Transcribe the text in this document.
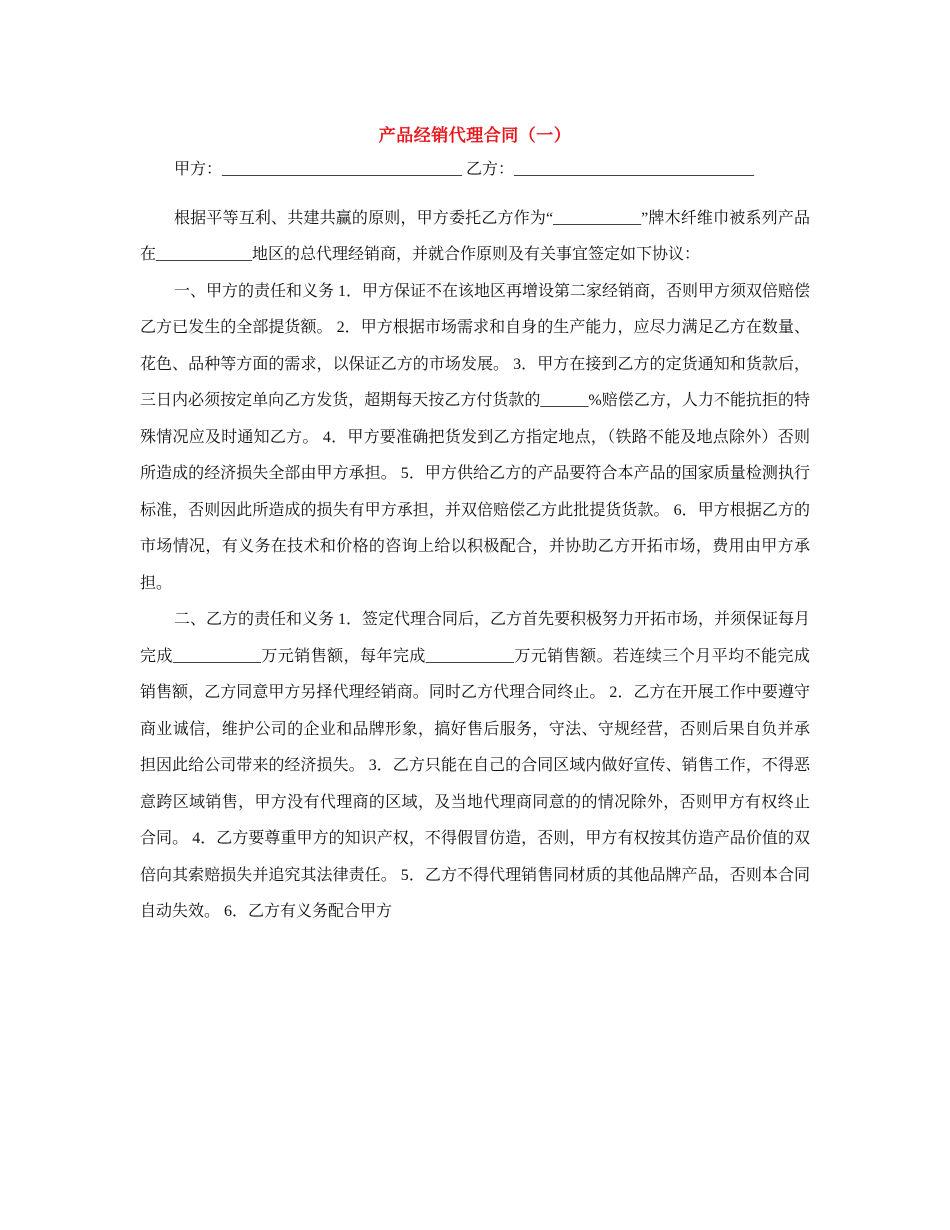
产品经销代理合同（一）

甲方：______________________________ 乙方：______________________________

根据平等互利、共建共赢的原则，甲方委托乙方作为“___________”牌木纤维巾被系列产品在____________地区的总代理经销商，并就合作原则及有关事宜签定如下协议：

一、甲方的责任和义务 1．甲方保证不在该地区再增设第二家经销商，否则甲方须双倍赔偿乙方已发生的全部提货额。 2．甲方根据市场需求和自身的生产能力，应尽力满足乙方在数量、花色、品种等方面的需求，以保证乙方的市场发展。 3．甲方在接到乙方的定货通知和货款后，三日内必须按定单向乙方发货，超期每天按乙方付货款的______%赔偿乙方，人力不能抗拒的特殊情况应及时通知乙方。 4．甲方要准确把货发到乙方指定地点，（铁路不能及地点除外）否则所造成的经济损失全部由甲方承担。 5．甲方供给乙方的产品要符合本产品的国家质量检测执行标准，否则因此所造成的损失有甲方承担，并双倍赔偿乙方此批提货货款。 6．甲方根据乙方的市场情况，有义务在技术和价格的咨询上给以积极配合，并协助乙方开拓市场，费用由甲方承担。

二、乙方的责任和义务 1．签定代理合同后，乙方首先要积极努力开拓市场，并须保证每月完成___________万元销售额，每年完成___________万元销售额。若连续三个月平均不能完成销售额，乙方同意甲方另择代理经销商。同时乙方代理合同终止。 2．乙方在开展工作中要遵守商业诚信，维护公司的企业和品牌形象，搞好售后服务，守法、守规经营，否则后果自负并承担因此给公司带来的经济损失。 3．乙方只能在自己的合同区域内做好宣传、销售工作，不得恶意跨区域销售，甲方没有代理商的区域，及当地代理商同意的的情况除外，否则甲方有权终止合同。 4．乙方要尊重甲方的知识产权，不得假冒仿造，否则，甲方有权按其仿造产品价值的双倍向其索赔损失并追究其法律责任。 5．乙方不得代理销售同材质的其他品牌产品，否则本合同自动失效。 6．乙方有义务配合甲方
